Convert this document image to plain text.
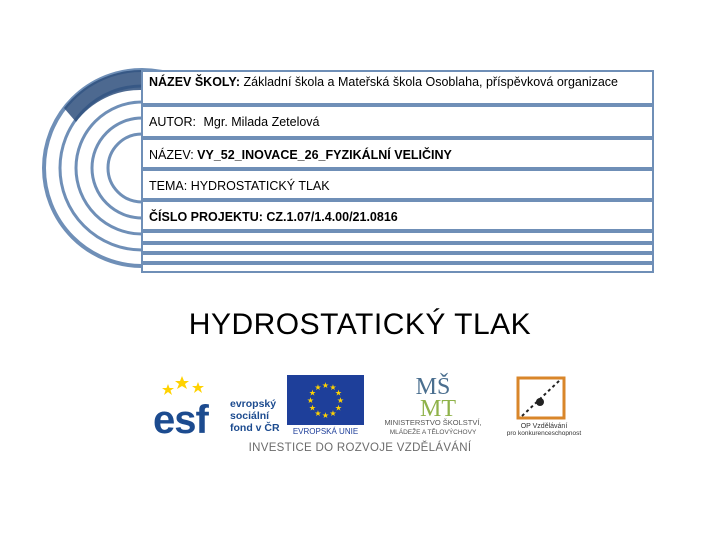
NÁZEV ŠKOLY: Základní škola a Mateřská škola Osoblaha, příspěvková organizace
AUTOR: Mgr. Milada Zetelová
NÁZEV: VY_52_INOVACE_26_FYZIKÁLNÍ VELIČINY
TEMA: HYDROSTATICKÝ TLAK
ČÍSLO PROJEKTU: CZ.1.07/1.4.00/21.0816
HYDROSTATICKÝ TLAK
esf evropský
sociální
fond v ČR
★ ★
★
★
★
★
★
★
★
★
★
★
EVROPSKÁ UNIE
MŠ
MT
MINISTERSTVO ŠKOLSTVÍ,
MLÁDEŽE A TĚLOVÝCHOVY
OP Vzdělávání
pro konkurenceschopnost
INVESTICE DO ROZVOJE VZDĚLÁVÁNÍ
